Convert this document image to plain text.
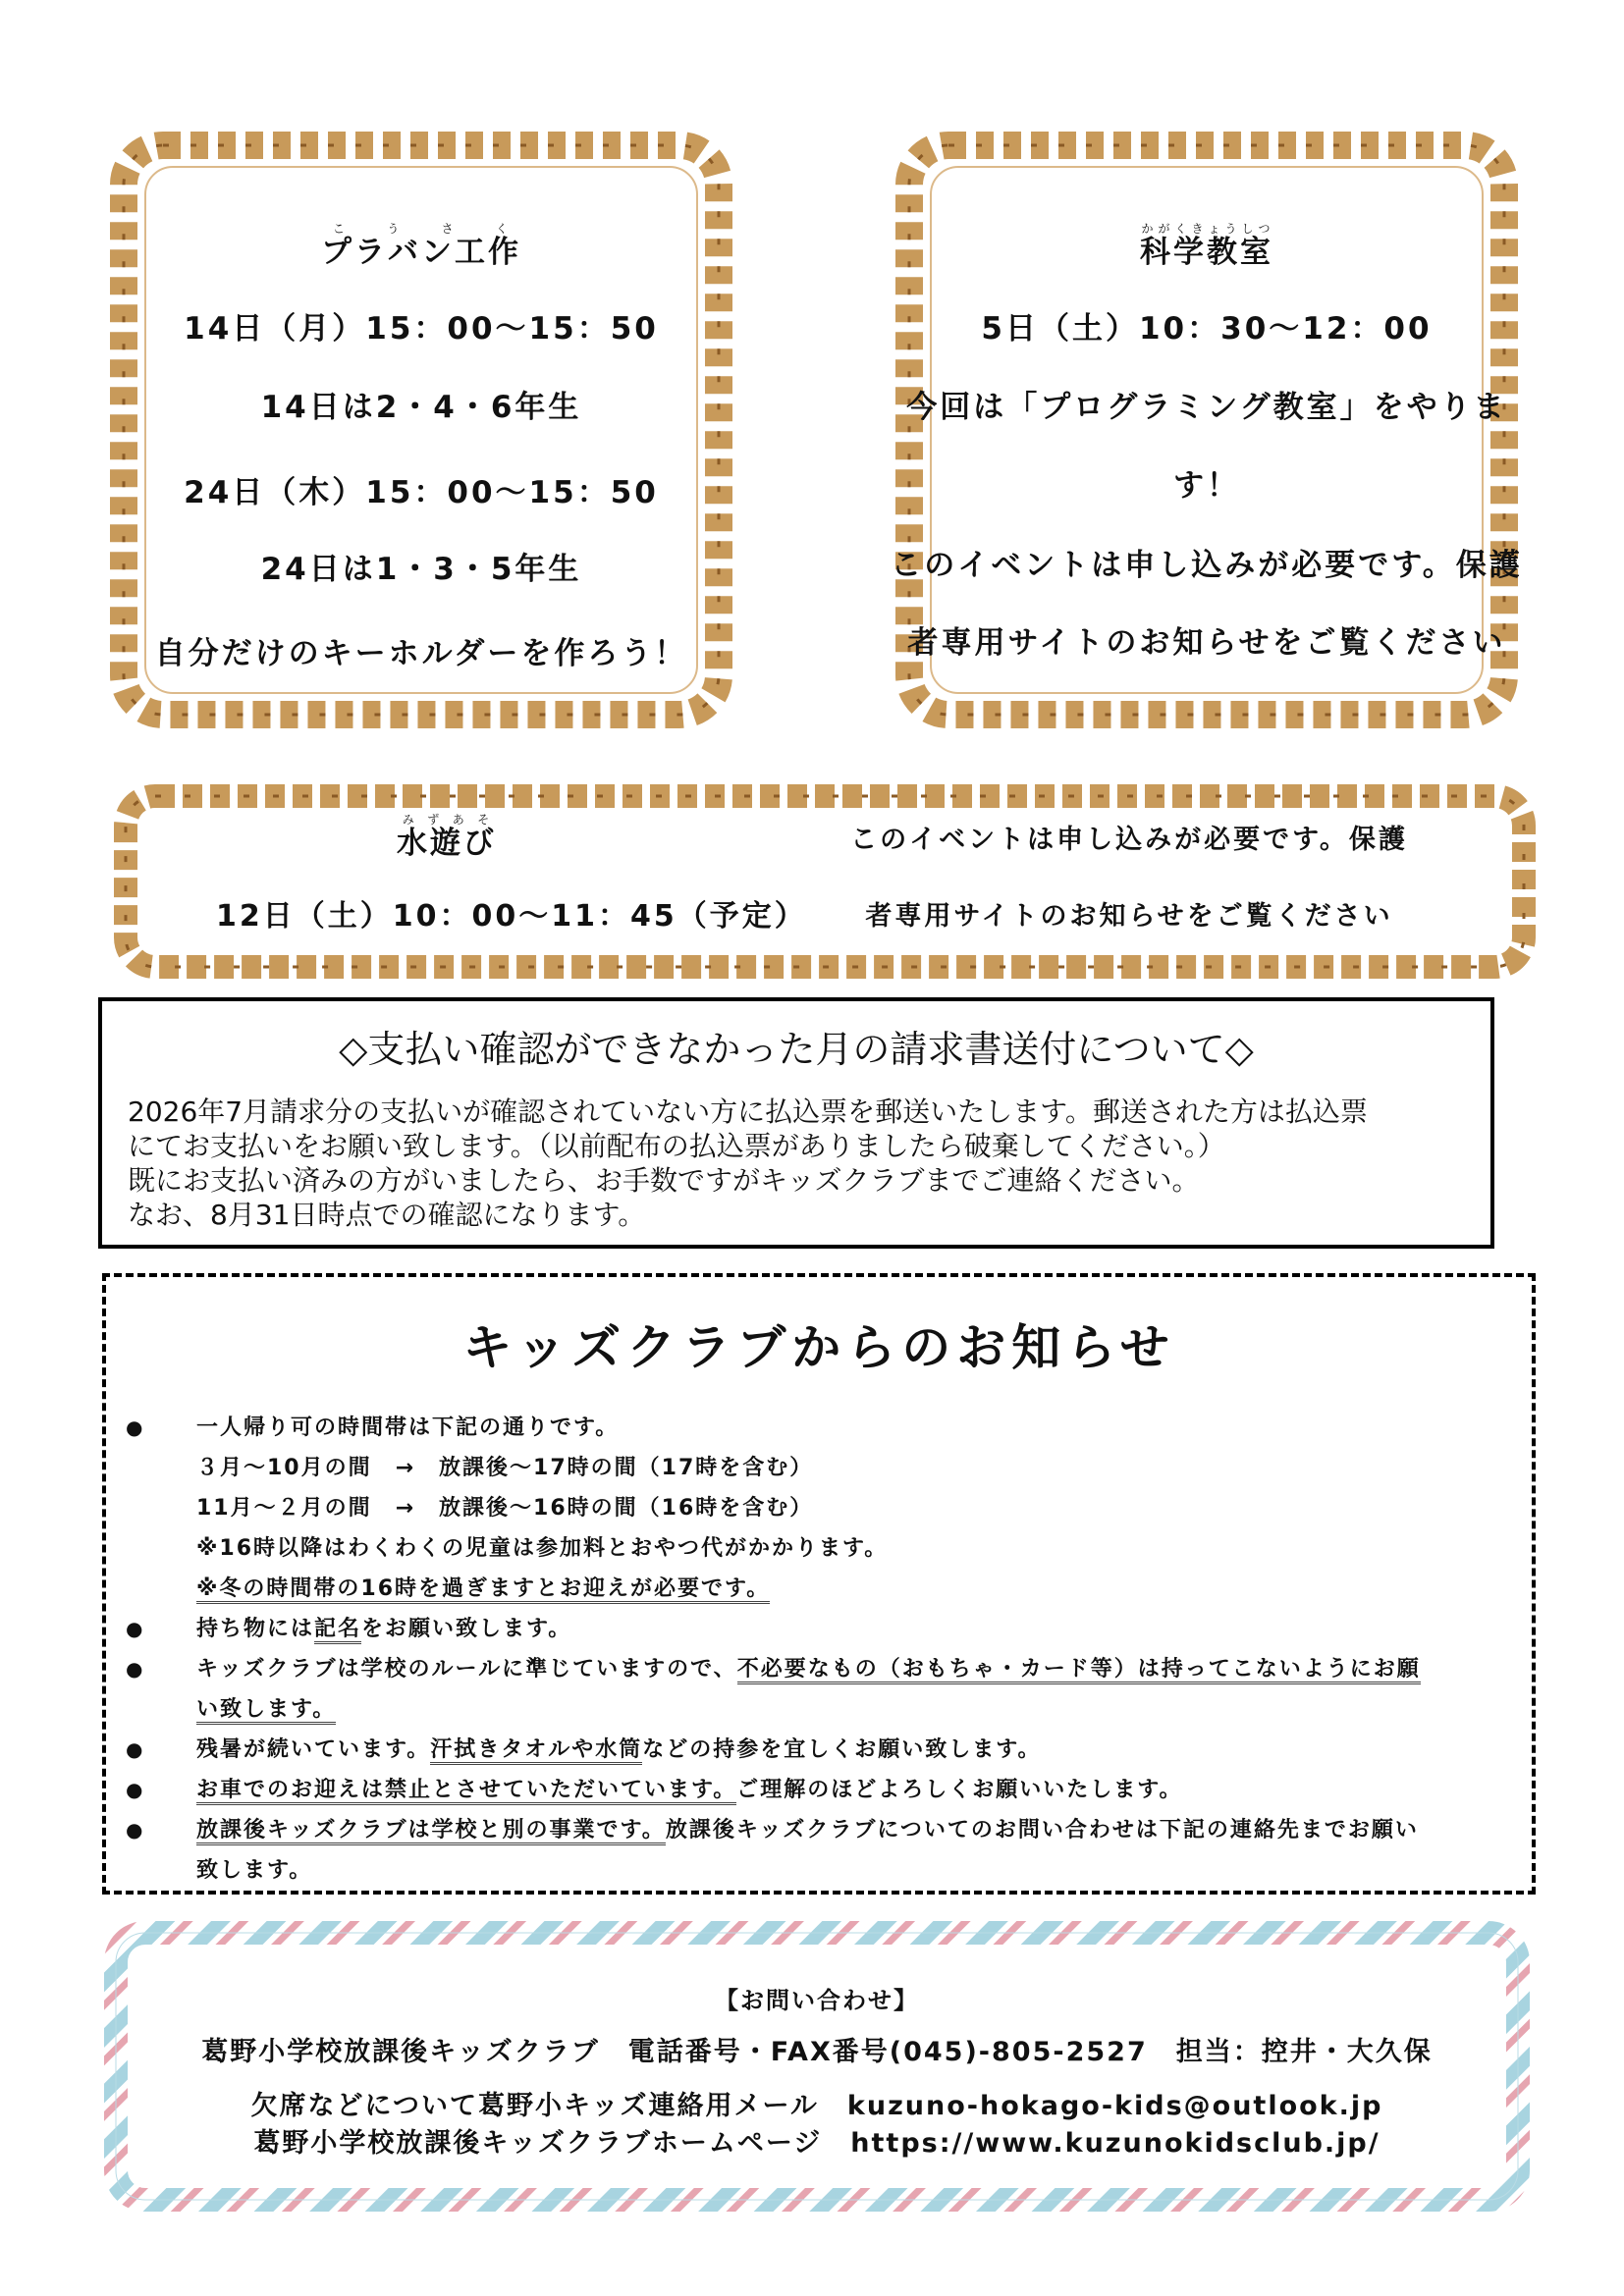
プラバン工作こうさく
14日（月）15：00～15：50
14日は2・4・6年生
24日（木）15：00～15：50
24日は1・3・5年生
自分だけのキーホルダーを作ろう！
科学教室かがくきょうしつ
5日（土）10：30～12：00
今回は「プログラミング教室」をやりま
す！
このイベントは申し込みが必要です。保護
者専用サイトのお知らせをご覧ください
水遊びみずあそ
12日（土）10：00～11：45（予定）
このイベントは申し込みが必要です。保護
者専用サイトのお知らせをご覧ください
◇支払い確認ができなかった月の請求書送付について◇
2026年7月請求分の支払いが確認されていない方に払込票を郵送いたします。郵送された方は払込票
にてお支払いをお願い致します。（以前配布の払込票がありましたら破棄してください。）
既にお支払い済みの方がいましたら、お手数ですがキッズクラブまでご連絡ください。
なお、8月31日時点での確認になります。
キッズクラブからのお知らせ
● 一人帰り可の時間帯は下記の通りです。
３月～10月の間　→　放課後～17時の間（17時を含む）
11月～２月の間　→　放課後～16時の間（16時を含む）
※16時以降はわくわくの児童は参加料とおやつ代がかかります。
※冬の時間帯の16時を過ぎますとお迎えが必要です。
● 持ち物には記名をお願い致します。
● キッズクラブは学校のルールに準じていますので、不必要なもの（おもちゃ・カード等）は持ってこないようにお願
い致します。
● 残暑が続いています。汗拭きタオルや水筒などの持参を宜しくお願い致します。
● お車でのお迎えは禁止とさせていただいています。ご理解のほどよろしくお願いいたします。
● 放課後キッズクラブは学校と別の事業です。放課後キッズクラブについてのお問い合わせは下記の連絡先までお願い
致します。
【お問い合わせ】
葛野小学校放課後キッズクラブ　電話番号・FAX番号(045)-805-2527　担当：控井・大久保
欠席などについて葛野小キッズ連絡用メール　kuzuno-hokago-kids@outlook.jp
葛野小学校放課後キッズクラブホームページ　https://www.kuzunokidsclub.jp/
